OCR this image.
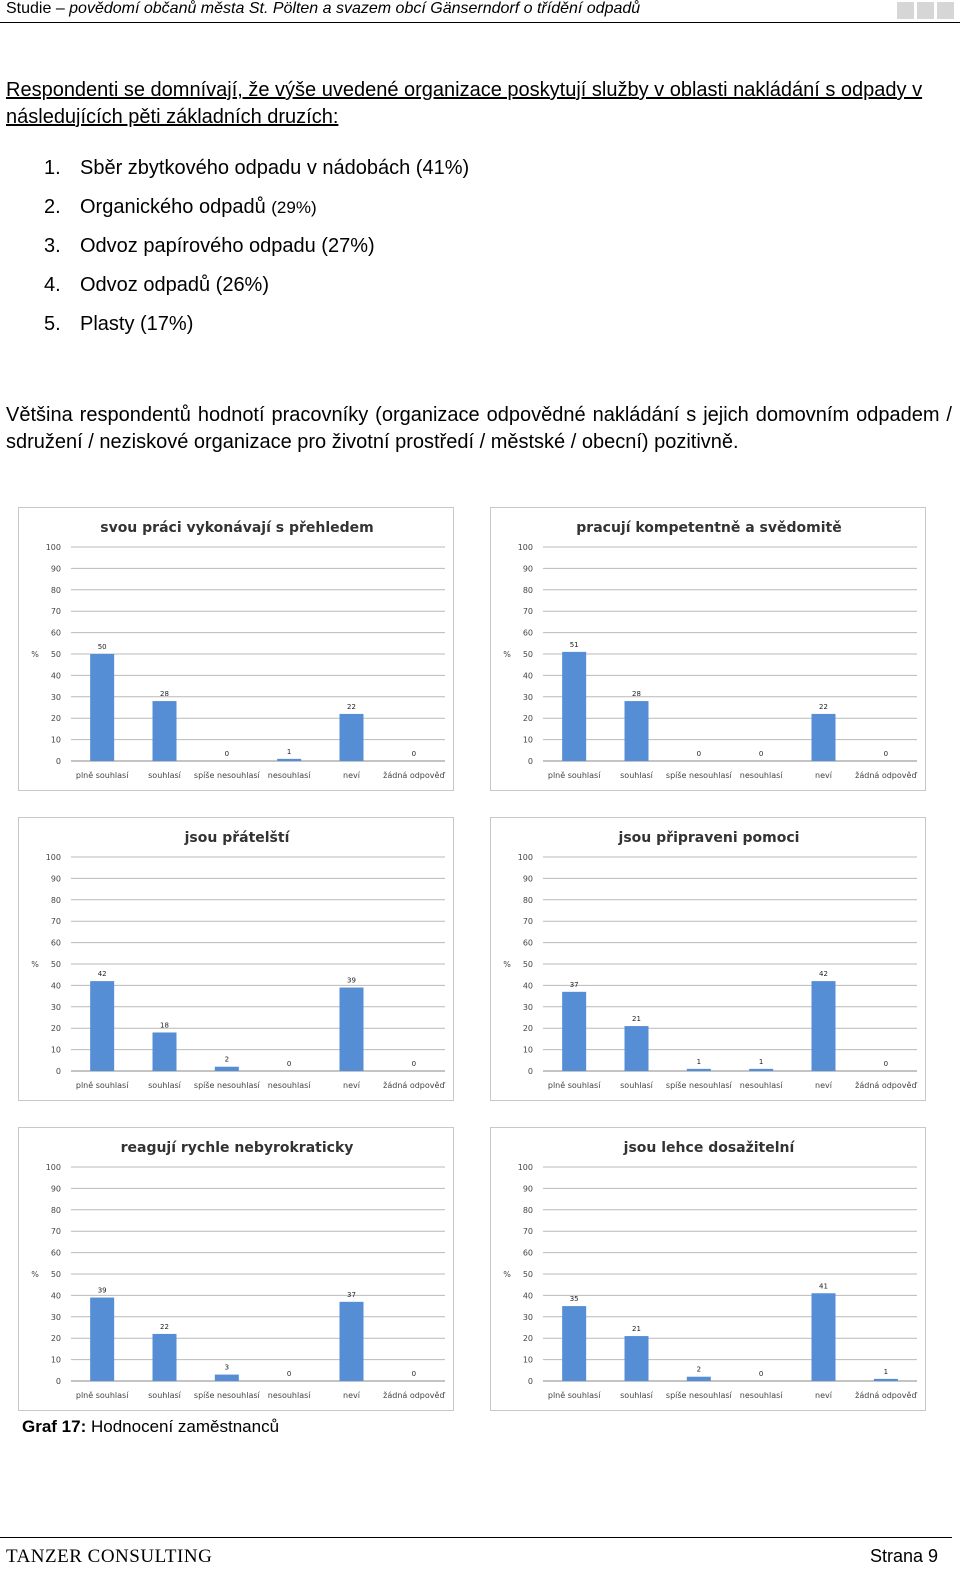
Studie – povědomí občanů města St. Pölten a svazem obcí Gänserndorf o třídění odpadů
Respondenti se domnívají, že výše uvedené organizace poskytují služby v oblasti nakládání s odpady v následujících pěti základních druzích:
1. Sběr zbytkového odpadu v nádobách (41%)
2. Organického odpadů (29%)
3. Odvoz papírového odpadu (27%)
4. Odvoz odpadů (26%)
5. Plasty (17%)
Většina respondentů hodnotí pracovníky (organizace odpovědné nakládání s jejich domovním odpadem / sdružení / neziskové organizace pro životní prostředí / městské / obecní) pozitivně.
svou práci vykonávají s přehledem
0
10
20
30
40
50
60
70
80
90
100
%
50
plně souhlasí
28
souhlasí
0
spíše nesouhlasí
1
nesouhlasí
22
neví
0
žádná odpověď
pracují kompetentně a svědomitě
0
10
20
30
40
50
60
70
80
90
100
%
51
plně souhlasí
28
souhlasí
0
spíše nesouhlasí
0
nesouhlasí
22
neví
0
žádná odpověď
jsou přátelští
0
10
20
30
40
50
60
70
80
90
100
%
42
plně souhlasí
18
souhlasí
2
spíše nesouhlasí
0
nesouhlasí
39
neví
0
žádná odpověď
jsou připraveni pomoci
0
10
20
30
40
50
60
70
80
90
100
%
37
plně souhlasí
21
souhlasí
1
spíše nesouhlasí
1
nesouhlasí
42
neví
0
žádná odpověď
reagují rychle nebyrokraticky
0
10
20
30
40
50
60
70
80
90
100
%
39
plně souhlasí
22
souhlasí
3
spíše nesouhlasí
0
nesouhlasí
37
neví
0
žádná odpověď
jsou lehce dosažitelní
0
10
20
30
40
50
60
70
80
90
100
%
35
plně souhlasí
21
souhlasí
2
spíše nesouhlasí
0
nesouhlasí
41
neví
1
žádná odpověď
Graf 17: Hodnocení zaměstnanců
TANZER CONSULTING	Strana 9
